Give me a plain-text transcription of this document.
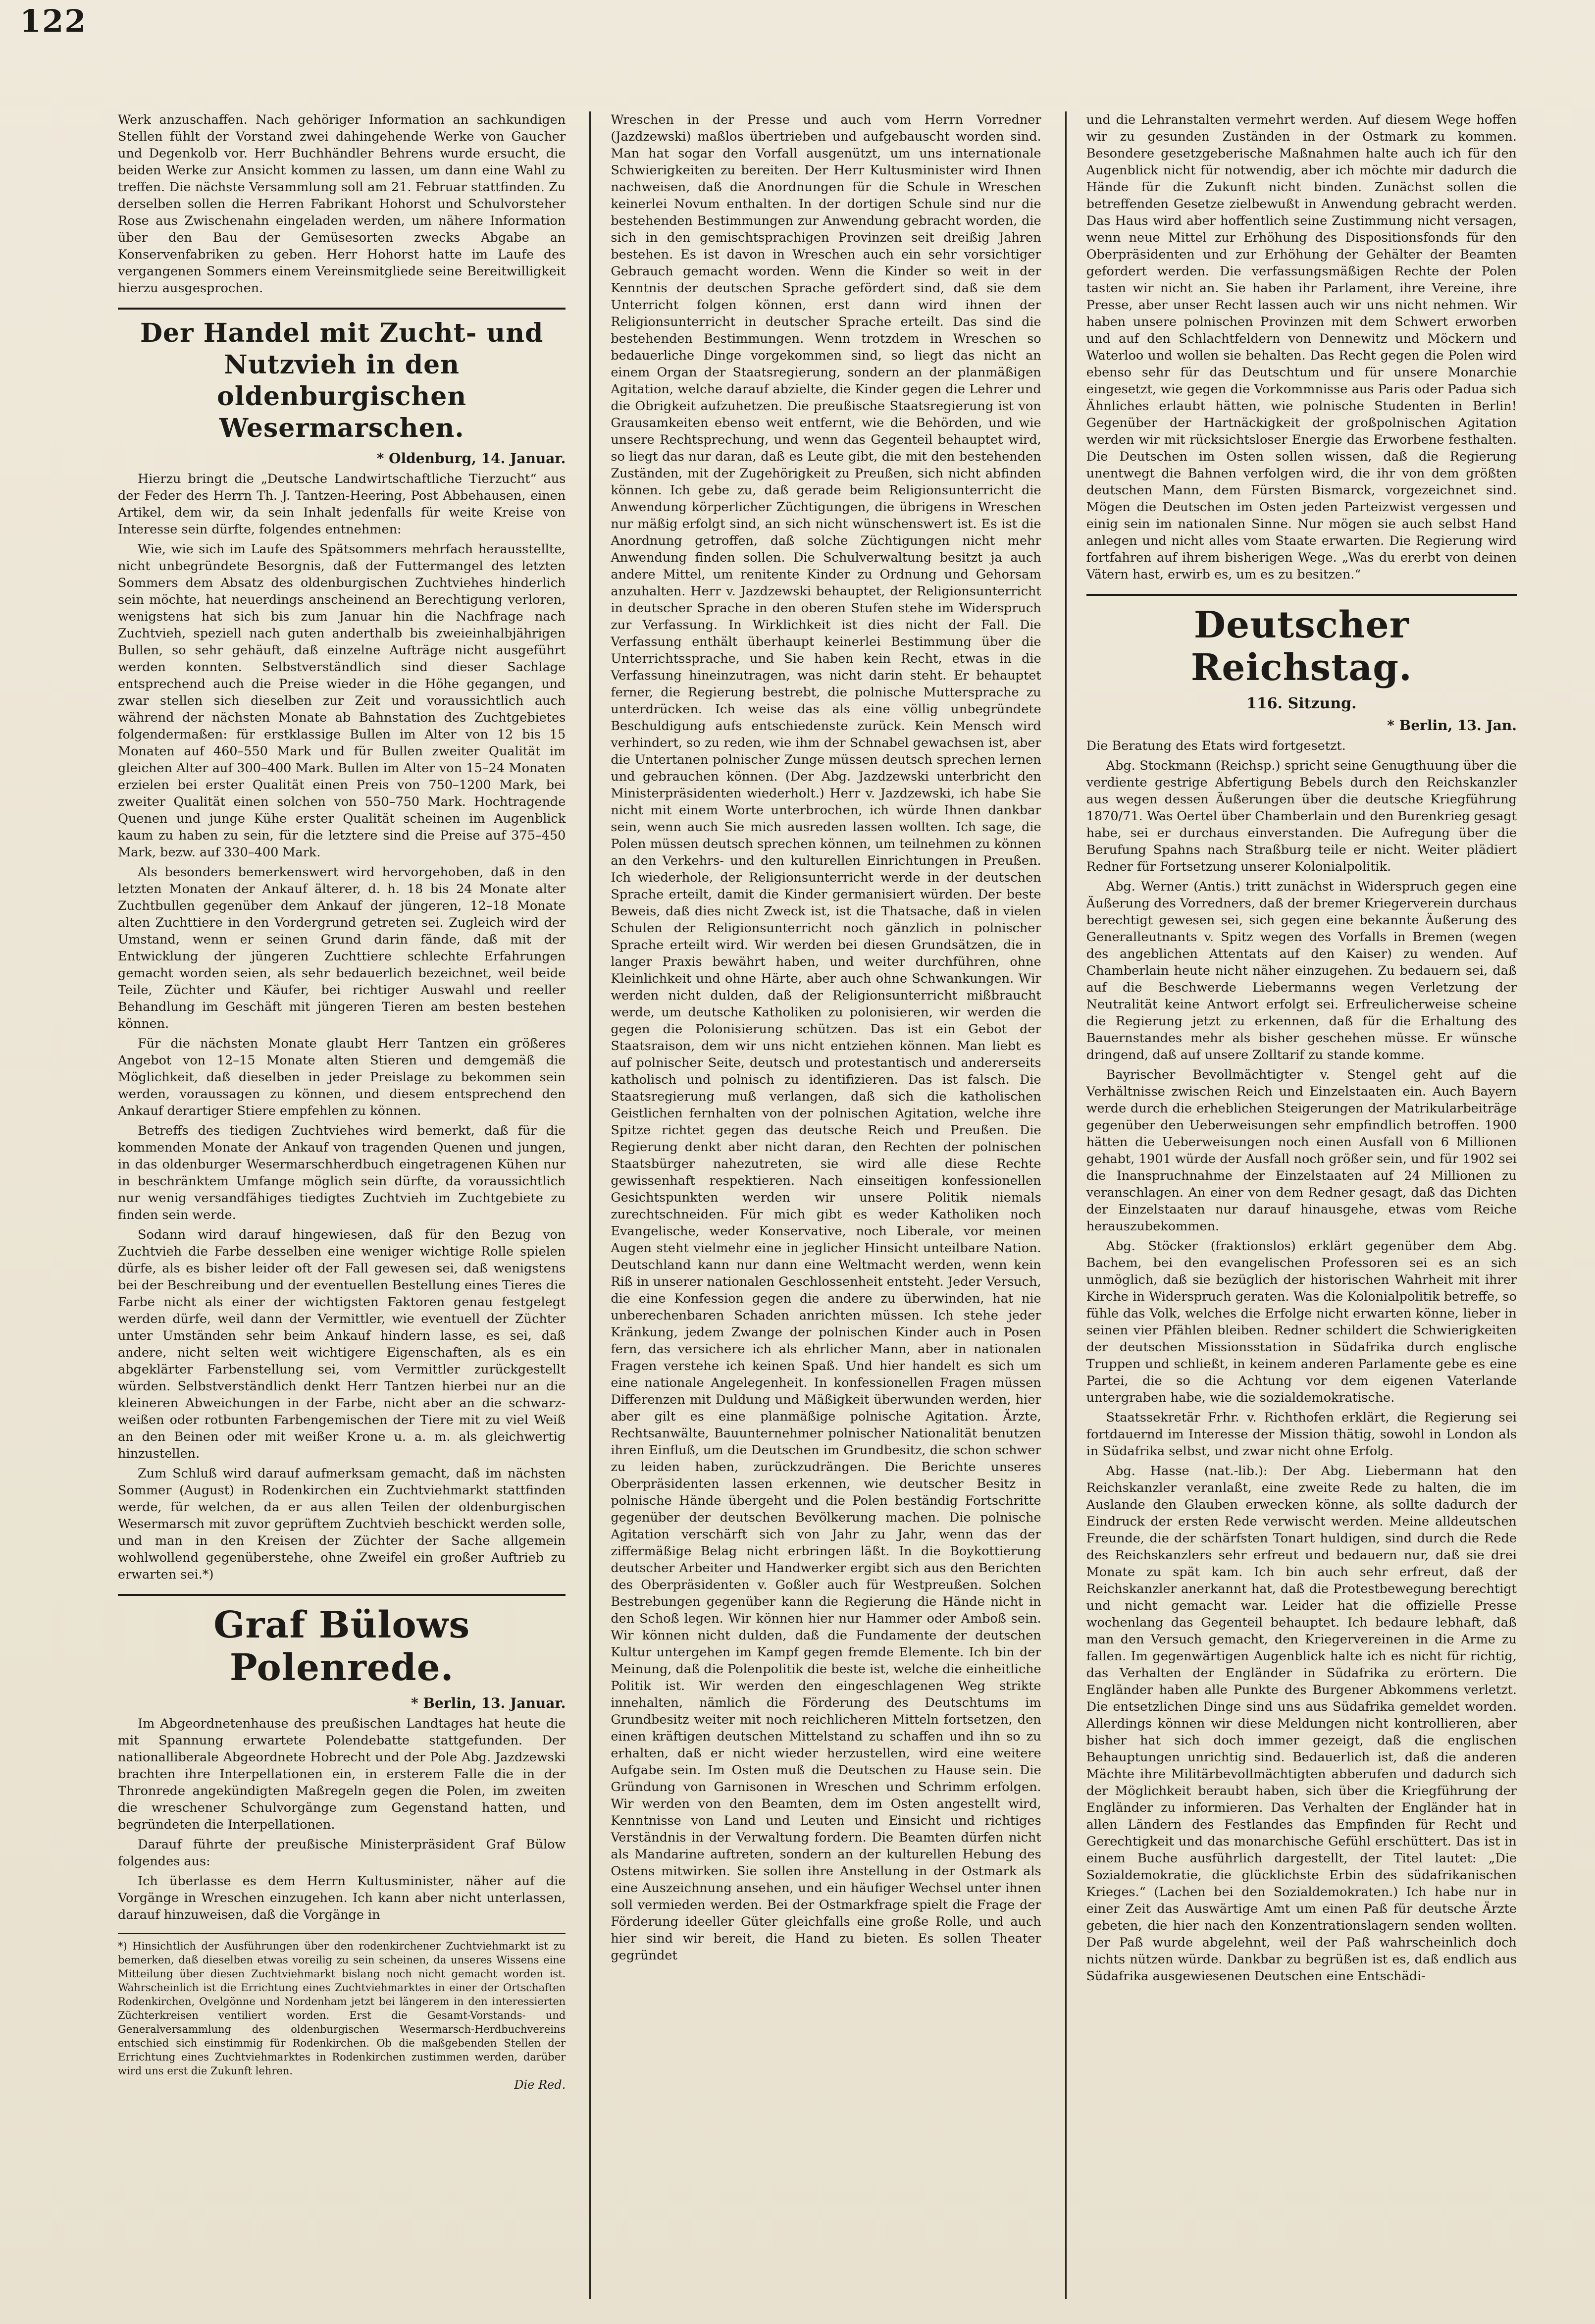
122

Werk anzuschaffen. Nach gehöriger Information an sachkundigen Stellen fühlt der Vorstand zwei dahingehende Werke von Gaucher und Degenkolb vor. Herr Buchhändler Behrens wurde ersucht, die beiden Werke zur Ansicht kommen zu lassen, um dann eine Wahl zu treffen. Die nächste Versammlung soll am 21. Februar stattfinden. Zu derselben sollen die Herren Fabrikant Hohorst und Schulvorsteher Rose aus Zwischenahn eingeladen werden, um nähere Information über den Bau der Gemüsesorten zwecks Abgabe an Konservenfabriken zu geben. Herr Hohorst hatte im Laufe des vergangenen Sommers einem Vereinsmitgliede seine Bereitwilligkeit hierzu ausgesprochen.

Der Handel mit Zucht- und Nutzvieh in den oldenburgischen Wesermarschen.
* Oldenburg, 14. Januar.

Hierzu bringt die „Deutsche Landwirtschaftliche Tierzucht“ aus der Feder des Herrn Th. J. Tantzen-Heering, Post Abbehausen, einen Artikel, dem wir, da sein Inhalt jedenfalls für weite Kreise von Interesse sein dürfte, folgendes entnehmen:

Wie, wie sich im Laufe des Spätsommers mehrfach herausstellte, nicht unbegründete Besorgnis, daß der Futtermangel des letzten Sommers dem Absatz des oldenburgischen Zuchtviehes hinderlich sein möchte, hat neuerdings anscheinend an Berechtigung verloren, wenigstens hat sich bis zum Januar hin die Nachfrage nach Zuchtvieh, speziell nach guten anderthalb bis zweieinhalbjährigen Bullen, so sehr gehäuft, daß einzelne Aufträge nicht ausgeführt werden konnten. Selbstverständlich sind dieser Sachlage entsprechend auch die Preise wieder in die Höhe gegangen, und zwar stellen sich dieselben zur Zeit und voraussichtlich auch während der nächsten Monate ab Bahnstation des Zuchtgebietes folgendermaßen: für erstklassige Bullen im Alter von 12 bis 15 Monaten auf 460–550 Mark und für Bullen zweiter Qualität im gleichen Alter auf 300–400 Mark. Bullen im Alter von 15–24 Monaten erzielen bei erster Qualität einen Preis von 750–1200 Mark, bei zweiter Qualität einen solchen von 550–750 Mark. Hochtragende Quenen und junge Kühe erster Qualität scheinen im Augenblick kaum zu haben zu sein, für die letztere sind die Preise auf 375–450 Mark, bezw. auf 330–400 Mark.

Als besonders bemerkenswert wird hervorgehoben, daß in den letzten Monaten der Ankauf älterer, d. h. 18 bis 24 Monate alter Zuchtbullen gegenüber dem Ankauf der jüngeren, 12–18 Monate alten Zuchttiere in den Vordergrund getreten sei. Zugleich wird der Umstand, wenn er seinen Grund darin fände, daß mit der Entwicklung der jüngeren Zuchttiere schlechte Erfahrungen gemacht worden seien, als sehr bedauerlich bezeichnet, weil beide Teile, Züchter und Käufer, bei richtiger Auswahl und reeller Behandlung im Geschäft mit jüngeren Tieren am besten bestehen können.

Für die nächsten Monate glaubt Herr Tantzen ein größeres Angebot von 12–15 Monate alten Stieren und demgemäß die Möglichkeit, daß dieselben in jeder Preislage zu bekommen sein werden, voraussagen zu können, und diesem entsprechend den Ankauf derartiger Stiere empfehlen zu können.

Betreffs des tiedigen Zuchtviehes wird bemerkt, daß für die kommenden Monate der Ankauf von tragenden Quenen und jungen, in das oldenburger Wesermarschherdbuch eingetragenen Kühen nur in beschränktem Umfange möglich sein dürfte, da voraussichtlich nur wenig versandfähiges tiedigtes Zuchtvieh im Zuchtgebiete zu finden sein werde.

Sodann wird darauf hingewiesen, daß für den Bezug von Zuchtvieh die Farbe desselben eine weniger wichtige Rolle spielen dürfe, als es bisher leider oft der Fall gewesen sei, daß wenigstens bei der Beschreibung und der eventuellen Bestellung eines Tieres die Farbe nicht als einer der wichtigsten Faktoren genau festgelegt werden dürfe, weil dann der Vermittler, wie eventuell der Züchter unter Umständen sehr beim Ankauf hindern lasse, es sei, daß andere, nicht selten weit wichtigere Eigenschaften, als es ein abgeklärter Farbenstellung sei, vom Vermittler zurückgestellt würden. Selbstverständlich denkt Herr Tantzen hierbei nur an die kleineren Abweichungen in der Farbe, nicht aber an die schwarz-weißen oder rotbunten Farbengemischen der Tiere mit zu viel Weiß an den Beinen oder mit weißer Krone u. a. m. als gleichwertig hinzustellen.

Zum Schluß wird darauf aufmerksam gemacht, daß im nächsten Sommer (August) in Rodenkirchen ein Zuchtviehmarkt stattfinden werde, für welchen, da er aus allen Teilen der oldenburgischen Wesermarsch mit zuvor geprüftem Zuchtvieh beschickt werden solle, und man in den Kreisen der Züchter der Sache allgemein wohlwollend gegenüberstehe, ohne Zweifel ein großer Auftrieb zu erwarten sei.*)

Graf Bülows Polenrede.
* Berlin, 13. Januar.

Im Abgeordnetenhause des preußischen Landtages hat heute die mit Spannung erwartete Polendebatte stattgefunden. Der nationalliberale Abgeordnete Hobrecht und der Pole Abg. Jazdzewski brachten ihre Interpellationen ein, in ersterem Falle die in der Thronrede angekündigten Maßregeln gegen die Polen, im zweiten die wreschener Schulvorgänge zum Gegenstand hatten, und begründeten die Interpellationen.

Darauf führte der preußische Ministerpräsident Graf Bülow folgendes aus:

Ich überlasse es dem Herrn Kultusminister, näher auf die Vorgänge in Wreschen einzugehen. Ich kann aber nicht unterlassen, darauf hinzuweisen, daß die Vorgänge in

*) Hinsichtlich der Ausführungen über den rodenkirchener Zuchtviehmarkt ist zu bemerken, daß dieselben etwas voreilig zu sein scheinen, da unseres Wissens eine Mitteilung über diesen Zuchtviehmarkt bislang noch nicht gemacht worden ist. Wahrscheinlich ist die Errichtung eines Zuchtviehmarktes in einer der Ortschaften Rodenkirchen, Ovelgönne und Nordenham jetzt bei längerem in den interessierten Züchterkreisen ventiliert worden. Erst die Gesamt-Vorstands- und Generalversammlung des oldenburgischen Wesermarsch-Herdbuchvereins entschied sich einstimmig für Rodenkirchen. Ob die maßgebenden Stellen der Errichtung eines Zuchtviehmarktes in Rodenkirchen zustimmen werden, darüber wird uns erst die Zukunft lehren.
Die Red.

Wreschen in der Presse und auch vom Herrn Vorredner (Jazdzewski) maßlos übertrieben und aufgebauscht worden sind. Man hat sogar den Vorfall ausgenützt, um uns internationale Schwierigkeiten zu bereiten. Der Herr Kultusminister wird Ihnen nachweisen, daß die Anordnungen für die Schule in Wreschen keinerlei Novum enthalten. In der dortigen Schule sind nur die bestehenden Bestimmungen zur Anwendung gebracht worden, die sich in den gemischtsprachigen Provinzen seit dreißig Jahren bestehen. Es ist davon in Wreschen auch ein sehr vorsichtiger Gebrauch gemacht worden. Wenn die Kinder so weit in der Kenntnis der deutschen Sprache gefördert sind, daß sie dem Unterricht folgen können, erst dann wird ihnen der Religionsunterricht in deutscher Sprache erteilt. Das sind die bestehenden Bestimmungen. Wenn trotzdem in Wreschen so bedauerliche Dinge vorgekommen sind, so liegt das nicht an einem Organ der Staatsregierung, sondern an der planmäßigen Agitation, welche darauf abzielte, die Kinder gegen die Lehrer und die Obrigkeit aufzuhetzen. Die preußische Staatsregierung ist von Grausamkeiten ebenso weit entfernt, wie die Behörden, und wie unsere Rechtsprechung, und wenn das Gegenteil behauptet wird, so liegt das nur daran, daß es Leute gibt, die mit den bestehenden Zuständen, mit der Zugehörigkeit zu Preußen, sich nicht abfinden können. Ich gebe zu, daß gerade beim Religionsunterricht die Anwendung körperlicher Züchtigungen, die übrigens in Wreschen nur mäßig erfolgt sind, an sich nicht wünschenswert ist. Es ist die Anordnung getroffen, daß solche Züchtigungen nicht mehr Anwendung finden sollen. Die Schulverwaltung besitzt ja auch andere Mittel, um renitente Kinder zu Ordnung und Gehorsam anzuhalten. Herr v. Jazdzewski behauptet, der Religionsunterricht in deutscher Sprache in den oberen Stufen stehe im Widerspruch zur Verfassung. In Wirklichkeit ist dies nicht der Fall. Die Verfassung enthält überhaupt keinerlei Bestimmung über die Unterrichtssprache, und Sie haben kein Recht, etwas in die Verfassung hineinzutragen, was nicht darin steht. Er behauptet ferner, die Regierung bestrebt, die polnische Muttersprache zu unterdrücken. Ich weise das als eine völlig unbegründete Beschuldigung aufs entschiedenste zurück. Kein Mensch wird verhindert, so zu reden, wie ihm der Schnabel gewachsen ist, aber die Untertanen polnischer Zunge müssen deutsch sprechen lernen und gebrauchen können. (Der Abg. Jazdzewski unterbricht den Ministerpräsidenten wiederholt.) Herr v. Jazdzewski, ich habe Sie nicht mit einem Worte unterbrochen, ich würde Ihnen dankbar sein, wenn auch Sie mich ausreden lassen wollten. Ich sage, die Polen müssen deutsch sprechen können, um teilnehmen zu können an den Verkehrs- und den kulturellen Einrichtungen in Preußen. Ich wiederhole, der Religionsunterricht werde in der deutschen Sprache erteilt, damit die Kinder germanisiert würden. Der beste Beweis, daß dies nicht Zweck ist, ist die Thatsache, daß in vielen Schulen der Religionsunterricht noch gänzlich in polnischer Sprache erteilt wird. Wir werden bei diesen Grundsätzen, die in langer Praxis bewährt haben, und weiter durchführen, ohne Kleinlichkeit und ohne Härte, aber auch ohne Schwankungen. Wir werden nicht dulden, daß der Religionsunterricht mißbraucht werde, um deutsche Katholiken zu polonisieren, wir werden die gegen die Polonisierung schützen. Das ist ein Gebot der Staatsraison, dem wir uns nicht entziehen können. Man liebt es auf polnischer Seite, deutsch und protestantisch und andererseits katholisch und polnisch zu identifizieren. Das ist falsch. Die Staatsregierung muß verlangen, daß sich die katholischen Geistlichen fernhalten von der polnischen Agitation, welche ihre Spitze richtet gegen das deutsche Reich und Preußen. Die Regierung denkt aber nicht daran, den Rechten der polnischen Staatsbürger nahezutreten, sie wird alle diese Rechte gewissenhaft respektieren. Nach einseitigen konfessionellen Gesichtspunkten werden wir unsere Politik niemals zurechtschneiden. Für mich gibt es weder Katholiken noch Evangelische, weder Konservative, noch Liberale, vor meinen Augen steht vielmehr eine in jeglicher Hinsicht unteilbare Nation. Deutschland kann nur dann eine Weltmacht werden, wenn kein Riß in unserer nationalen Geschlossenheit entsteht. Jeder Versuch, die eine Konfession gegen die andere zu überwinden, hat nie unberechenbaren Schaden anrichten müssen. Ich stehe jeder Kränkung, jedem Zwange der polnischen Kinder auch in Posen fern, das versichere ich als ehrlicher Mann, aber in nationalen Fragen verstehe ich keinen Spaß. Und hier handelt es sich um eine nationale Angelegenheit. In konfessionellen Fragen müssen Differenzen mit Duldung und Mäßigkeit überwunden werden, hier aber gilt es eine planmäßige polnische Agitation. Ärzte, Rechtsanwälte, Bauunternehmer polnischer Nationalität benutzen ihren Einfluß, um die Deutschen im Grundbesitz, die schon schwer zu leiden haben, zurückzudrängen. Die Berichte unseres Oberpräsidenten lassen erkennen, wie deutscher Besitz in polnische Hände übergeht und die Polen beständig Fortschritte gegenüber der deutschen Bevölkerung machen. Die polnische Agitation verschärft sich von Jahr zu Jahr, wenn das der ziffermäßige Belag nicht erbringen läßt. In die Boykottierung deutscher Arbeiter und Handwerker ergibt sich aus den Berichten des Oberpräsidenten v. Goßler auch für Westpreußen. Solchen Bestrebungen gegenüber kann die Regierung die Hände nicht in den Schoß legen. Wir können hier nur Hammer oder Amboß sein. Wir können nicht dulden, daß die Fundamente der deutschen Kultur untergehen im Kampf gegen fremde Elemente. Ich bin der Meinung, daß die Polenpolitik die beste ist, welche die einheitliche Politik ist. Wir werden den eingeschlagenen Weg strikte innehalten, nämlich die Förderung des Deutschtums im Grundbesitz weiter mit noch reichlicheren Mitteln fortsetzen, den einen kräftigen deutschen Mittelstand zu schaffen und ihn so zu erhalten, daß er nicht wieder herzustellen, wird eine weitere Aufgabe sein. Im Osten muß die Deutschen zu Hause sein. Die Gründung von Garnisonen in Wreschen und Schrimm erfolgen. Wir werden von den Beamten, dem im Osten angestellt wird, Kenntnisse von Land und Leuten und Einsicht und richtiges Verständnis in der Verwaltung fordern. Die Beamten dürfen nicht als Mandarine auftreten, sondern an der kulturellen Hebung des Ostens mitwirken. Sie sollen ihre Anstellung in der Ostmark als eine Auszeichnung ansehen, und ein häufiger Wechsel unter ihnen soll vermieden werden. Bei der Ostmarkfrage spielt die Frage der Förderung ideeller Güter gleichfalls eine große Rolle, und auch hier sind wir bereit, die Hand zu bieten. Es sollen Theater gegründet

und die Lehranstalten vermehrt werden. Auf diesem Wege hoffen wir zu gesunden Zuständen in der Ostmark zu kommen. Besondere gesetzgeberische Maßnahmen halte auch ich für den Augenblick nicht für notwendig, aber ich möchte mir dadurch die Hände für die Zukunft nicht binden. Zunächst sollen die betreffenden Gesetze zielbewußt in Anwendung gebracht werden. Das Haus wird aber hoffentlich seine Zustimmung nicht versagen, wenn neue Mittel zur Erhöhung des Dispositionsfonds für den Oberpräsidenten und zur Erhöhung der Gehälter der Beamten gefordert werden. Die verfassungsmäßigen Rechte der Polen tasten wir nicht an. Sie haben ihr Parlament, ihre Vereine, ihre Presse, aber unser Recht lassen auch wir uns nicht nehmen. Wir haben unsere polnischen Provinzen mit dem Schwert erworben und auf den Schlachtfeldern von Dennewitz und Möckern und Waterloo und wollen sie behalten. Das Recht gegen die Polen wird ebenso sehr für das Deutschtum und für unsere Monarchie eingesetzt, wie gegen die Vorkommnisse aus Paris oder Padua sich Ähnliches erlaubt hätten, wie polnische Studenten in Berlin! Gegenüber der Hartnäckigkeit der großpolnischen Agitation werden wir mit rücksichtsloser Energie das Erworbene festhalten. Die Deutschen im Osten sollen wissen, daß die Regierung unentwegt die Bahnen verfolgen wird, die ihr von dem größten deutschen Mann, dem Fürsten Bismarck, vorgezeichnet sind. Mögen die Deutschen im Osten jeden Parteizwist vergessen und einig sein im nationalen Sinne. Nur mögen sie auch selbst Hand anlegen und nicht alles vom Staate erwarten. Die Regierung wird fortfahren auf ihrem bisherigen Wege. „Was du ererbt von deinen Vätern hast, erwirb es, um es zu besitzen.“

Deutscher Reichstag.
116. Sitzung.
* Berlin, 13. Jan.

Die Beratung des Etats wird fortgesetzt.

Abg. Stockmann (Reichsp.) spricht seine Genugthuung über die verdiente gestrige Abfertigung Bebels durch den Reichskanzler aus wegen dessen Äußerungen über die deutsche Kriegführung 1870/71. Was Oertel über Chamberlain und den Burenkrieg gesagt habe, sei er durchaus einverstanden. Die Aufregung über die Berufung Spahns nach Straßburg teile er nicht. Weiter plädiert Redner für Fortsetzung unserer Kolonialpolitik.

Abg. Werner (Antis.) tritt zunächst in Widerspruch gegen eine Äußerung des Vorredners, daß der bremer Kriegerverein durchaus berechtigt gewesen sei, sich gegen eine bekannte Äußerung des Generalleutnants v. Spitz wegen des Vorfalls in Bremen (wegen des angeblichen Attentats auf den Kaiser) zu wenden. Auf Chamberlain heute nicht näher einzugehen. Zu bedauern sei, daß auf die Beschwerde Liebermanns wegen Verletzung der Neutralität keine Antwort erfolgt sei. Erfreulicherweise scheine die Regierung jetzt zu erkennen, daß für die Erhaltung des Bauernstandes mehr als bisher geschehen müsse. Er wünsche dringend, daß auf unsere Zolltarif zu stande komme.

Bayrischer Bevollmächtigter v. Stengel geht auf die Verhältnisse zwischen Reich und Einzelstaaten ein. Auch Bayern werde durch die erheblichen Steigerungen der Matrikularbeiträge gegenüber den Ueberweisungen sehr empfindlich betroffen. 1900 hätten die Ueberweisungen noch einen Ausfall von 6 Millionen gehabt, 1901 würde der Ausfall noch größer sein, und für 1902 sei die Inanspruchnahme der Einzelstaaten auf 24 Millionen zu veranschlagen. An einer von dem Redner gesagt, daß das Dichten der Einzelstaaten nur darauf hinausgehe, etwas vom Reiche herauszubekommen.

Abg. Stöcker (fraktionslos) erklärt gegenüber dem Abg. Bachem, bei den evangelischen Professoren sei es an sich unmöglich, daß sie bezüglich der historischen Wahrheit mit ihrer Kirche in Widerspruch geraten. Was die Kolonialpolitik betreffe, so fühle das Volk, welches die Erfolge nicht erwarten könne, lieber in seinen vier Pfählen bleiben. Redner schildert die Schwierigkeiten der deutschen Missionsstation in Südafrika durch englische Truppen und schließt, in keinem anderen Parlamente gebe es eine Partei, die so die Achtung vor dem eigenen Vaterlande untergraben habe, wie die sozialdemokratische.

Staatssekretär Frhr. v. Richthofen erklärt, die Regierung sei fortdauernd im Interesse der Mission thätig, sowohl in London als in Südafrika selbst, und zwar nicht ohne Erfolg.

Abg. Hasse (nat.-lib.): Der Abg. Liebermann hat den Reichskanzler veranlaßt, eine zweite Rede zu halten, die im Auslande den Glauben erwecken könne, als sollte dadurch der Eindruck der ersten Rede verwischt werden. Meine alldeutschen Freunde, die der schärfsten Tonart huldigen, sind durch die Rede des Reichskanzlers sehr erfreut und bedauern nur, daß sie drei Monate zu spät kam. Ich bin auch sehr erfreut, daß der Reichskanzler anerkannt hat, daß die Protestbewegung berechtigt und nicht gemacht war. Leider hat die offizielle Presse wochenlang das Gegenteil behauptet. Ich bedaure lebhaft, daß man den Versuch gemacht, den Kriegervereinen in die Arme zu fallen. Im gegenwärtigen Augenblick halte ich es nicht für richtig, das Verhalten der Engländer in Südafrika zu erörtern. Die Engländer haben alle Punkte des Burgener Abkommens verletzt. Die entsetzlichen Dinge sind uns aus Südafrika gemeldet worden. Allerdings können wir diese Meldungen nicht kontrollieren, aber bisher hat sich doch immer gezeigt, daß die englischen Behauptungen unrichtig sind. Bedauerlich ist, daß die anderen Mächte ihre Militärbevollmächtigten abberufen und dadurch sich der Möglichkeit beraubt haben, sich über die Kriegführung der Engländer zu informieren. Das Verhalten der Engländer hat in allen Ländern des Festlandes das Empfinden für Recht und Gerechtigkeit und das monarchische Gefühl erschüttert. Das ist in einem Buche ausführlich dargestellt, der Titel lautet: „Die Sozialdemokratie, die glücklichste Erbin des südafrikanischen Krieges.“ (Lachen bei den Sozialdemokraten.) Ich habe nur in einer Zeit das Auswärtige Amt um einen Paß für deutsche Ärzte gebeten, die hier nach den Konzentrationslagern senden wollten. Der Paß wurde abgelehnt, weil der Paß wahrscheinlich doch nichts nützen würde. Dankbar zu begrüßen ist es, daß endlich aus Südafrika ausgewiesenen Deutschen eine Entschädi-
